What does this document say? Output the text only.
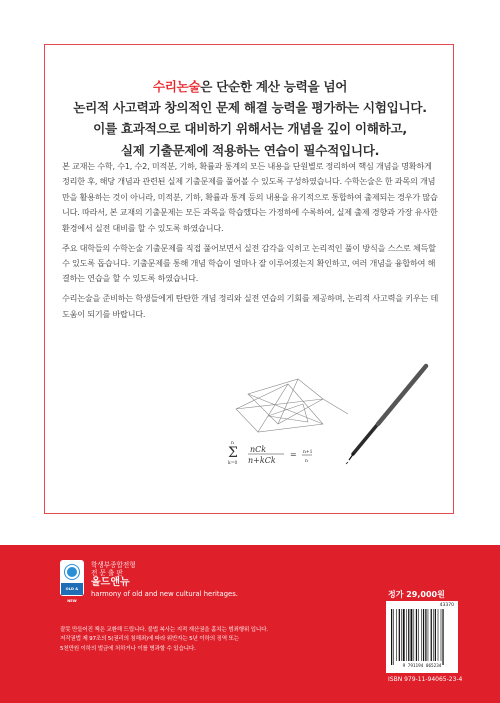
수리논술은 단순한 계산 능력을 넘어
논리적 사고력과 창의적인 문제 해결 능력을 평가하는 시험입니다.
이를 효과적으로 대비하기 위해서는 개념을 깊이 이해하고,
실제 기출문제에 적용하는 연습이 필수적입니다.

본 교재는 수학, 수1, 수2, 미적분, 기하, 확률과 통계의 모든 내용을 단원별로 정리하여 핵심 개념을 명확하게 정리한 후, 해당 개념과 관련된 실제 기출문제를 풀어볼 수 있도록 구성하였습니다. 수학논술은 한 과목의 개념만을 활용하는 것이 아니라, 미적분, 기하, 확률과 통계 등의 내용을 유기적으로 통합하여 출제되는 경우가 많습니다. 따라서, 본 교재의 기출문제는 모든 과목을 학습했다는 가정하에 수록하여, 실제 출제 경향과 가장 유사한 환경에서 실전 대비를 할 수 있도록 하였습니다.

주요 대학들의 수학논술 기출문제를 직접 풀어보면서 실전 감각을 익히고 논리적인 풀이 방식을 스스로 체득할 수 있도록 돕습니다. 기출문제를 통해 개념 학습이 얼마나 잘 이루어졌는지 확인하고, 여러 개념을 융합하여 해결하는 연습을 할 수 있도록 하였습니다.

수리논술을 준비하는 학생들에게 탄탄한 개념 정리와 실전 연습의 기회를 제공하며, 논리적 사고력을 키우는 데 도움이 되기를 바랍니다.

n
Σ
k=0
nCk
n+kCk
= n+1
n
OLD & NEW
학생부종합전형
전 문 출 판
올드앤뉴
harmony of old and new cultural heritages.
잘못 만들어진 책은 교환해 드립니다. 불법 복사는 지적 재산권을 훔치는 범죄행위 입니다.
저작권법 제 97조의 5(권리의 침해죄)에 따라 위반자는 5년 이하의 징역 또는
5천만원 이하의 벌금에 처하거나 이를 병과할 수 있습니다.
정가 29,000원
43370
9 791194 065234
ISBN 979-11-94065-23-4
